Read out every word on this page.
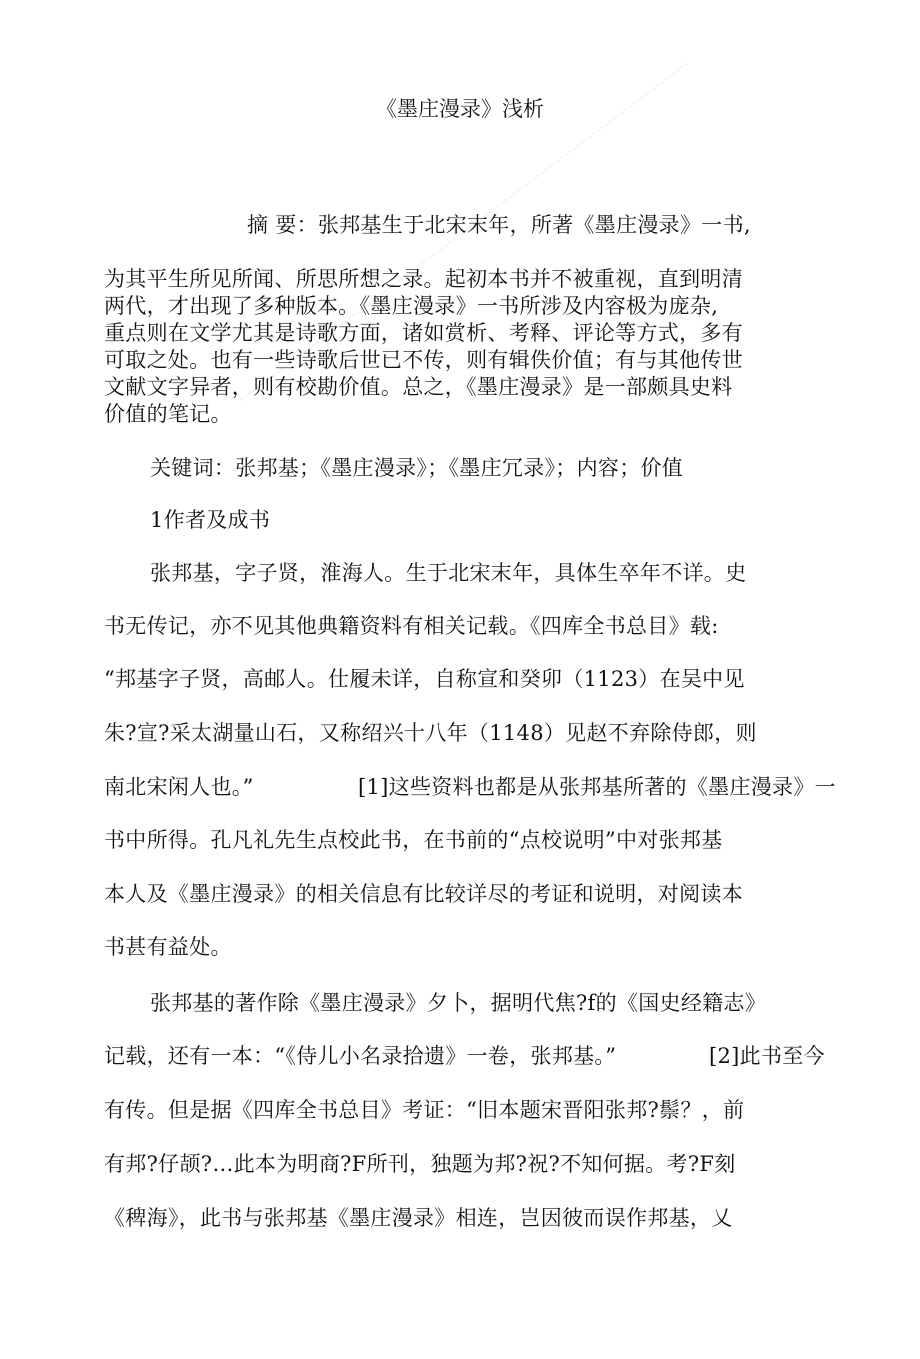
《墨庄漫录》浅析
摘 要：张邦基生于北宋末年，所著《墨庄漫录》一书,
为其平生所见所闻、所思所想之录。起初本书并不被重视，直到明清
两代，才出现了多种版本。《墨庄漫录》一书所涉及内容极为庞杂,
重点则在文学尤其是诗歌方面，诸如赏析、考释、评论等方式，多有
可取之处。也有一些诗歌后世已不传，则有辑佚价值；有与其他传世
文献文字异者，则有校勘价值。总之，《墨庄漫录》是一部颇具史料
价值的笔记。
关键词：张邦基；《墨庄漫录》；《墨庄冗录》；内容；价值
1作者及成书
张邦基，字子贤，淮海人。生于北宋末年，具体生卒年不详。史
书无传记，亦不见其他典籍资料有相关记载。《四库全书总目》载:
“邦基字子贤，高邮人。仕履未详，自称宣和癸卯（1123）在吴中见
朱?宣?采太湖量山石，又称绍兴十八年（1148）见赵不弃除侍郎，则
南北宋闲人也。”	[1]这些资料也都是从张邦基所著的《墨庄漫录》一
书中所得。孔凡礼先生点校此书，在书前的“点校说明”中对张邦基
本人及《墨庄漫录》的相关信息有比较详尽的考证和说明，对阅读本
书甚有益处。
张邦基的著作除《墨庄漫录》夕卜，据明代焦?f的《国史经籍志》
记载，还有一本：“《侍儿小名录拾遗》一卷，张邦基。”	[2]此书至今
有传。但是据《四库全书总目》考证：“旧本题宋晋阳张邦?鬃？，前
有邦?仔颉?…此本为明商?F所刊，独题为邦?祝?不知何据。考?F刻
《稗海》，此书与张邦基《墨庄漫录》相连，岂因彼而误作邦基，乂
